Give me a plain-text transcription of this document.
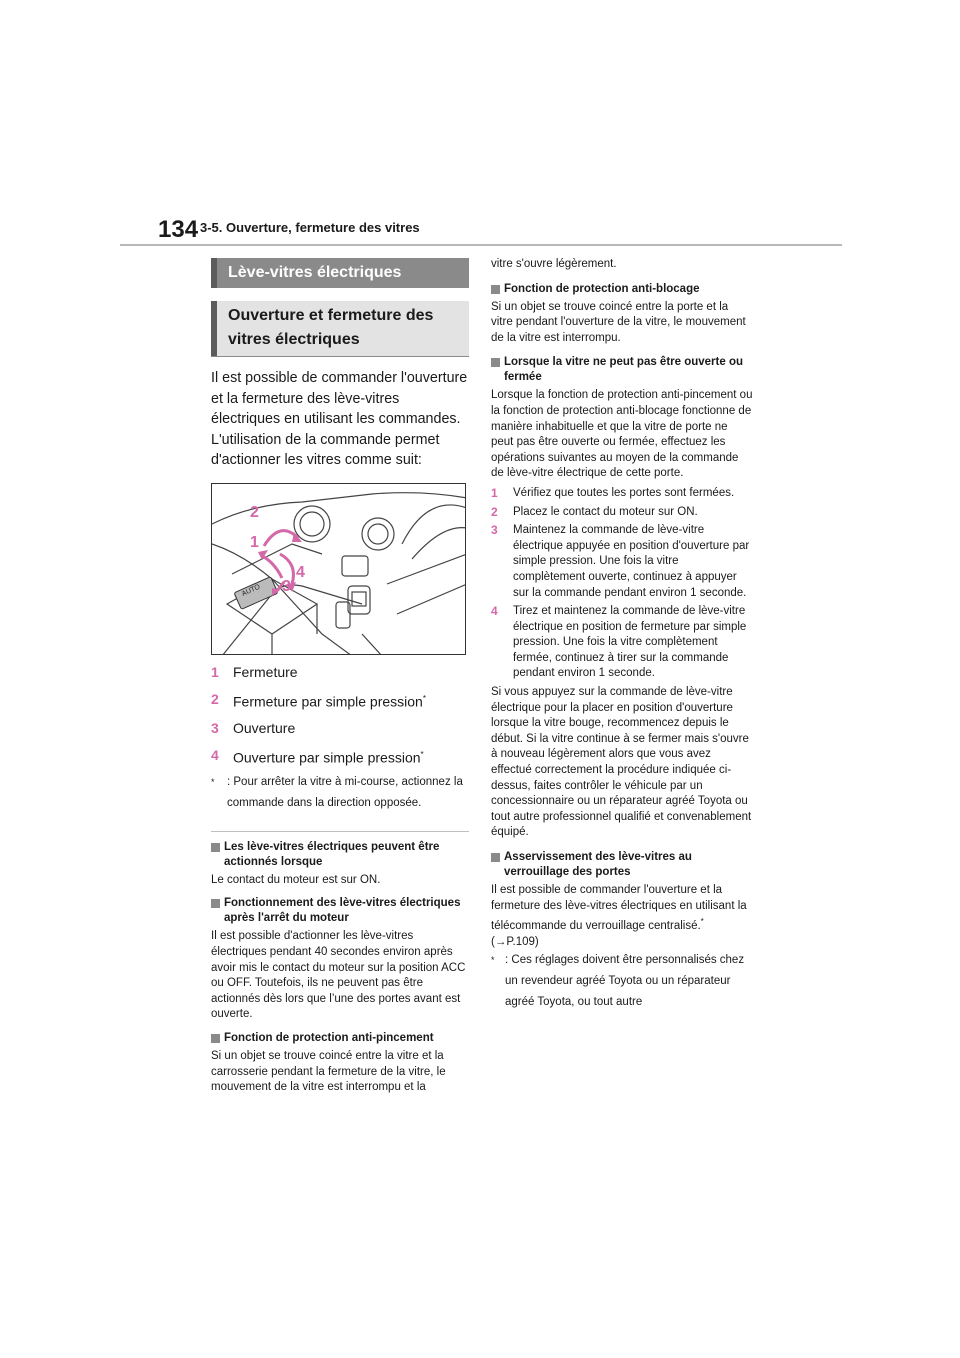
134 3-5. Ouverture, fermeture des vitres
Lève-vitres électriques
Ouverture et fermeture des vitres électriques

Il est possible de commander l'ouverture et la fermeture des lève-vitres électriques en utilisant les commandes. L'utilisation de la commande permet d'actionner les vitres comme suit:

AUTO
2
1
4
3
1	Fermeture
2	Fermeture par simple pression*
3	Ouverture
4	Ouverture par simple pression*
*	: Pour arrêter la vitre à mi-course, actionnez la commande dans la direction opposée.
Les lève-vitres électriques peuvent être actionnés lorsque
Le contact du moteur est sur ON.
Fonctionnement des lève-vitres électriques après l'arrêt du moteur
Il est possible d'actionner les lève-vitres électriques pendant 40 secondes environ après avoir mis le contact du moteur sur la position ACC ou OFF. Toutefois, ils ne peuvent pas être actionnés dès lors que l’une des portes avant est ouverte.
Fonction de protection anti-pincement
Si un objet se trouve coincé entre la vitre et la carrosserie pendant la fermeture de la vitre, le mouvement de la vitre est interrompu et la
vitre s'ouvre légèrement.
Fonction de protection anti-blocage
Si un objet se trouve coincé entre la porte et la vitre pendant l'ouverture de la vitre, le mouvement de la vitre est interrompu.
Lorsque la vitre ne peut pas être ouverte ou fermée
Lorsque la fonction de protection anti-pincement ou la fonction de protection anti-blocage fonctionne de manière inhabituelle et que la vitre de porte ne peut pas être ouverte ou fermée, effectuez les opérations suivantes au moyen de la commande de lève-vitre électrique de cette porte.
1	Vérifiez que toutes les portes sont fermées.
2	Placez le contact du moteur sur ON.
3	Maintenez la commande de lève-vitre électrique appuyée en position d'ouverture par simple pression. Une fois la vitre complètement ouverte, continuez à appuyer sur la commande pendant environ 1 seconde.
4	Tirez et maintenez la commande de lève-vitre électrique en position de fermeture par simple pression. Une fois la vitre complètement fermée, continuez à tirer sur la commande pendant environ 1 seconde.
Si vous appuyez sur la commande de lève-vitre électrique pour la placer en position d'ouverture lorsque la vitre bouge, recommencez depuis le début. Si la vitre continue à se fermer mais s'ouvre à nouveau légèrement alors que vous avez effectué correctement la procédure indiquée ci-dessus, faites contrôler le véhicule par un concessionnaire ou un réparateur agréé Toyota ou tout autre professionnel qualifié et convenablement équipé.
Asservissement des lève-vitres au verrouillage des portes
Il est possible de commander l'ouverture et la fermeture des lève-vitres électriques en utilisant la télécommande du verrouillage centralisé.* (→P.109)
* : Ces réglages doivent être personnalisés chez un revendeur agréé Toyota ou un réparateur agréé Toyota, ou tout autre
